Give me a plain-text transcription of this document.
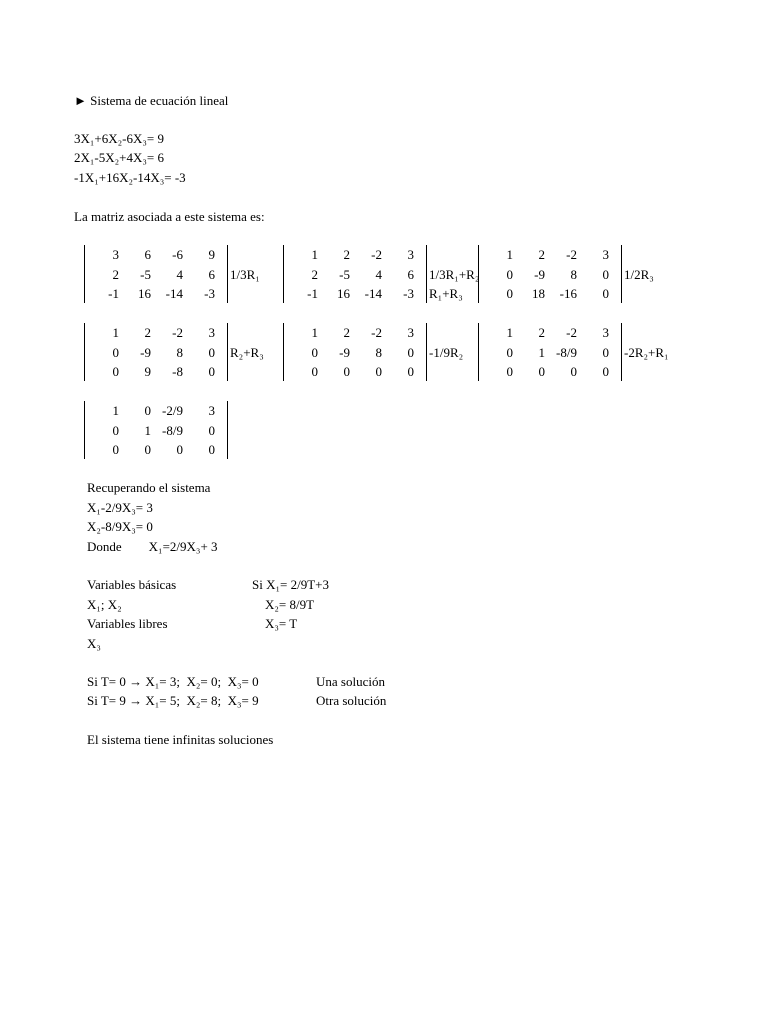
► Sistema de ecuación lineal
3X₁+6X₂-6X₃= 9
2X₁-5X₂+4X₃= 6
-1X₁+16X₂-14X₃= -3
La matriz asociada a este sistema es:
3	6	-6	9
2	-5	4	6
-1	16	-14	-3
1/3R₁
1	2	-2	3
2	-5	4	6
-1	16	-14	-3
1/3R₁+R₂
R₁+R₃
1	2	-2	3
0	-9	8	0
0	18	-16	0
1/2R₃
1	2	-2	3
0	-9	8	0
0	9	-8	0
R₂+R₃
1	2	-2	3
0	-9	8	0
0	0	0	0
-1/9R₂
1	2	-2	3
0	1 -8/9	0
0	0	0	0
-2R₂+R₁
1	0 -2/9	3
0	1 -8/9	0
0	0	0	0
Recuperando el sistema
X₁-2/9X₃= 3
X₂-8/9X₃= 0
Donde X₁=2/9X₃+ 3
Variables básicas
X₁; X₂
Variables libres
X₃
Si X₁= 2/9T+3
X₂= 8/9T
X₃= T
Si T= 0 → X₁= 3;  X₂= 0;  X₃= 0	Una solución
Si T= 9 → X₁= 5;  X₂= 8;  X₃= 9	Otra solución
El sistema tiene infinitas soluciones
